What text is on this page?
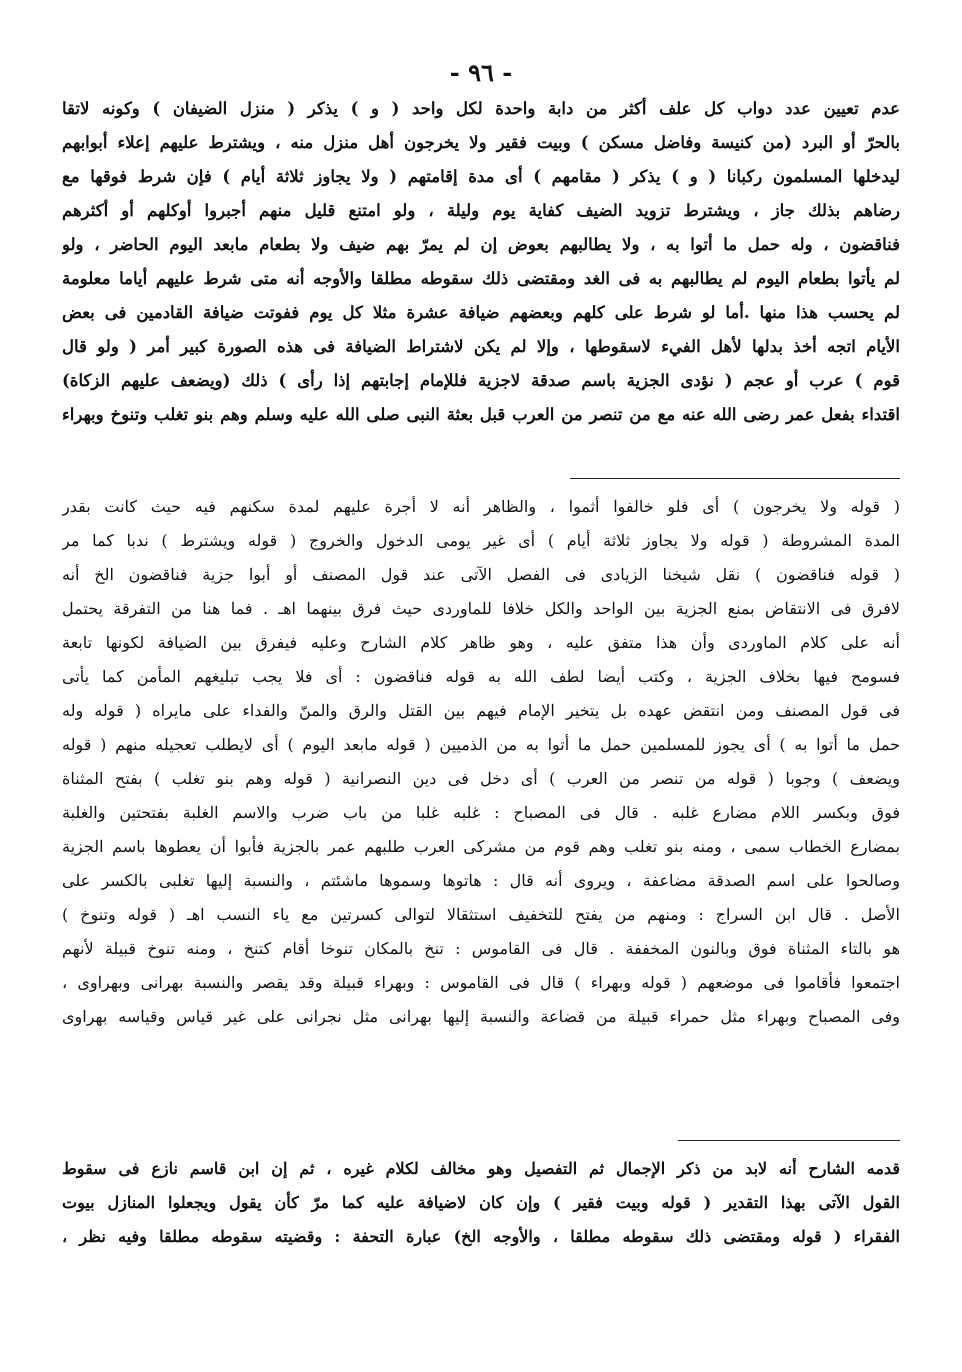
- ٩٦ -
عدم تعيين عدد دواب كل علف أكثر من دابة واحدة لكل واحد ( و ) يذكر ( منزل الضيفان ) وكونه لاتقا
بالحرّ أو البرد (من كنيسة وفاضل مسكن ) وبيت فقير ولا يخرجون أهل منزل منه ، ويشترط عليهم إعلاء أبوابهم
ليدخلها المسلمون ركبانا ( و ) يذكر ( مقامهم ) أى مدة إقامتهم ( ولا يجاوز ثلاثة أيام ) فإن شرط فوقها مع
رضاهم بذلك جاز ، ويشترط تزويد الضيف كفاية يوم وليلة ، ولو امتنع قليل منهم أجبروا أوكلهم أو أكثرهم
فناقضون ، وله حمل ما أتوا به ، ولا يطالبهم بعوض إن لم يمرّ بهم ضيف ولا بطعام مابعد اليوم الحاضر ، ولو
لم يأتوا بطعام اليوم لم يطالبهم به فى الغد ومقتضى ذلك سقوطه مطلقا والأوجه أنه متى شرط عليهم أياما معلومة
لم يحسب هذا منها .أما لو شرط على كلهم وبعضهم ضيافة عشرة مثلا كل يوم ففوتت ضيافة القادمين فى بعض
الأيام اتجه أخذ بدلها لأهل الفيء لاسقوطها ، وإلا لم يكن لاشتراط الضيافة فى هذه الصورة كبير أمر ( ولو قال
قوم ) عرب أو عجم ( نؤدى الجزية باسم صدقة لاجزية فللإمام إجابتهم إذا رأى ) ذلك (ويضعف عليهم الزكاة)
اقتداء بفعل عمر رضى الله عنه مع من تنصر من العرب قبل بعثة النبى صلى الله عليه وسلم وهم بنو تغلب وتنوخ وبهراء
( قوله ولا يخرجون ) أى فلو خالفوا أثموا ، والظاهر أنه لا أجرة عليهم لمدة سكنهم فيه حيث كانت بقدر
المدة المشروطة ( قوله ولا يجاوز ثلاثة أيام ) أى غير يومى الدخول والخروج ( قوله ويشترط ) ندبا كما مر
( قوله فناقضون ) نقل شيخنا الزيادى فى الفصل الآتى عند قول المصنف أو أبوا جزية فناقضون الخ أنه
لافرق فى الانتقاض بمنع الجزية بين الواحد والكل خلافا للماوردى حيث فرق بينهما اهـ . فما هنا من التفرقة يحتمل
أنه على كلام الماوردى وأن هذا متفق عليه ، وهو ظاهر كلام الشارح وعليه فيفرق بين الضيافة لكونها تابعة
فسومح فيها بخلاف الجزية ، وكتب أيضا لطف الله به قوله فناقضون : أى فلا يجب تبليغهم المأمن كما يأتى
فى قول المصنف ومن انتقض عهده بل يتخير الإمام فيهم بين القتل والرق والمنّ والفداء على مايراه ( قوله وله
حمل ما أتوا به ) أى يجوز للمسلمين حمل ما أتوا به من الذميين ( قوله مابعد اليوم ) أى لايطلب تعجيله منهم ( قوله
ويضعف ) وجوبا ( قوله من تنصر من العرب ) أى دخل فى دين النصرانية ( قوله وهم بنو تغلب ) بفتح المثناة
فوق وبكسر اللام مضارع غلبه . قال فى المصباح : غلبه غلبا من باب ضرب والاسم الغلبة بفتحتين والغلبة
بمضارع الخطاب سمى ، ومنه بنو تغلب وهم قوم من مشركى العرب طلبهم عمر بالجزية فأبوا أن يعطوها باسم الجزية
وصالحوا على اسم الصدقة مضاعفة ، ويروى أنه قال : هاتوها وسموها ماشئتم ، والنسبة إليها تغلبى بالكسر على
الأصل . قال ابن السراج : ومنهم من يفتح للتخفيف استثقالا لتوالى كسرتين مع ياء النسب اهـ ( قوله وتنوخ )
هو بالتاء المثناة فوق وبالنون المخففة . قال فى القاموس : تنخ بالمكان تنوخا أقام كتنخ ، ومنه تنوخ قبيلة لأنهم
اجتمعوا فأقاموا فى موضعهم ( قوله وبهراء ) قال فى القاموس : وبهراء قبيلة وقد يقصر والنسبة بهرانى وبهراوى ،
وفى المصباح وبهراء مثل حمراء قبيلة من قضاعة والنسبة إليها بهرانى مثل نجرانى على غير قياس وقياسه بهراوى
قدمه الشارح أنه لابد من ذكر الإجمال ثم التفصيل وهو مخالف لكلام غيره ، ثم إن ابن قاسم نازع فى سقوط
القول الآتى بهذا التقدير ( قوله وبيت فقير ) وإن كان لاضيافة عليه كما مرّ كأن يقول ويجعلوا المنازل بيوت
الفقراء ( قوله ومقتضى ذلك سقوطه مطلقا ، والأوجه الخ) عبارة التحفة : وقضيته سقوطه مطلقا وفيه نظر ،
